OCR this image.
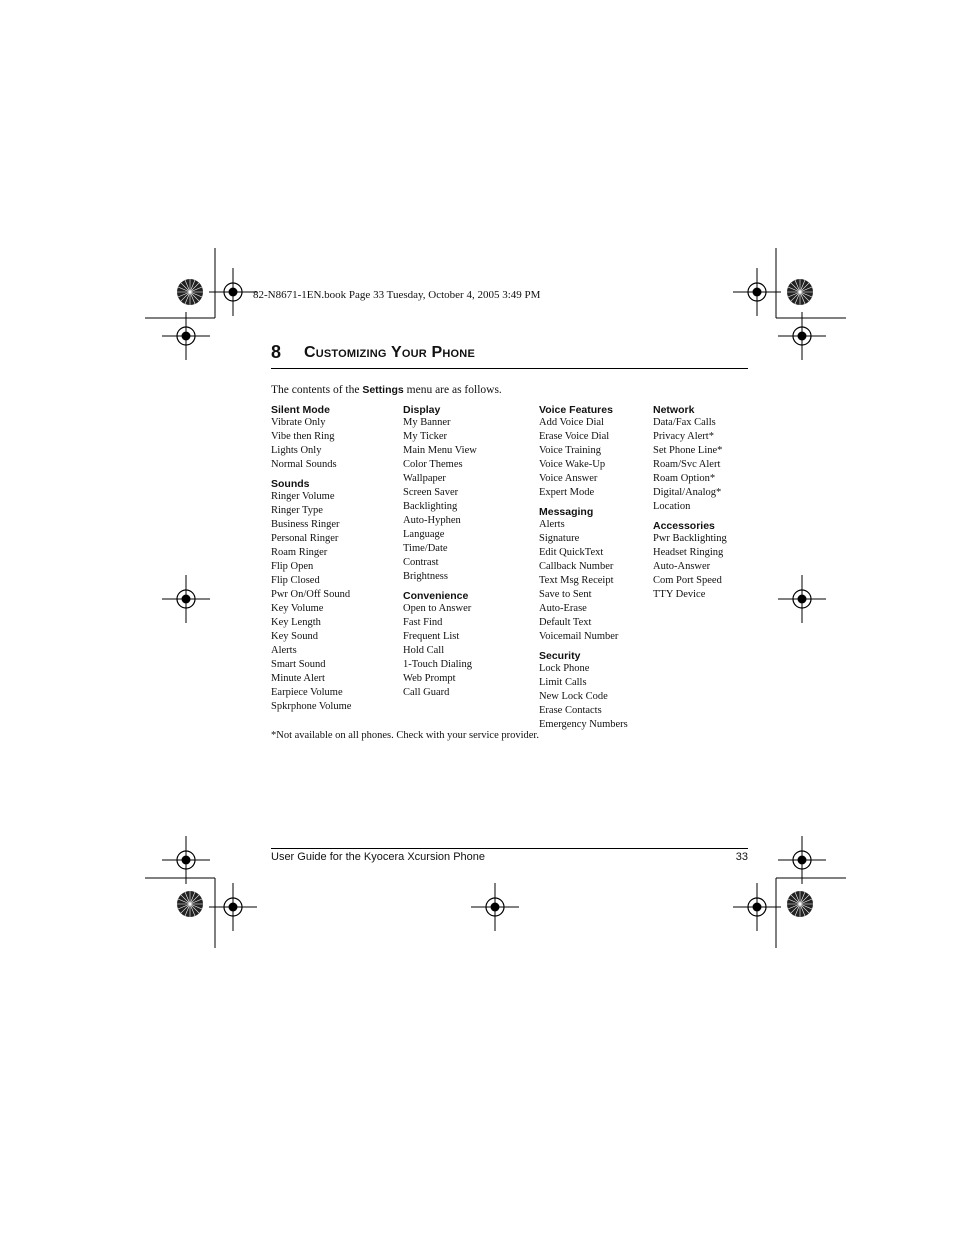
82-N8671-1EN.book Page 33 Tuesday, October 4, 2005 3:49 PM
8 Customizing Your Phone
The contents of the Settings menu are as follows.
Silent Mode
Vibrate Only
Vibe then Ring
Lights Only
Normal Sounds
Sounds
Ringer Volume
Ringer Type
Business Ringer
Personal Ringer
Roam Ringer
Flip Open
Flip Closed
Pwr On/Off Sound
Key Volume
Key Length
Key Sound
Alerts
Smart Sound
Minute Alert
Earpiece Volume
Spkrphone Volume
Display
My Banner
My Ticker
Main Menu View
Color Themes
Wallpaper
Screen Saver
Backlighting
Auto-Hyphen
Language
Time/Date
Contrast
Brightness
Convenience
Open to Answer
Fast Find
Frequent List
Hold Call
1-Touch Dialing
Web Prompt
Call Guard
Voice Features
Add Voice Dial
Erase Voice Dial
Voice Training
Voice Wake-Up
Voice Answer
Expert Mode
Messaging
Alerts
Signature
Edit QuickText
Callback Number
Text Msg Receipt
Save to Sent
Auto-Erase
Default Text
Voicemail Number
Security
Lock Phone
Limit Calls
New Lock Code
Erase Contacts
Emergency Numbers
Network
Data/Fax Calls
Privacy Alert*
Set Phone Line*
Roam/Svc Alert
Roam Option*
Digital/Analog*
Location
Accessories
Pwr Backlighting
Headset Ringing
Auto-Answer
Com Port Speed
TTY Device
*Not available on all phones. Check with your service provider.
User Guide for the Kyocera Xcursion Phone	33
